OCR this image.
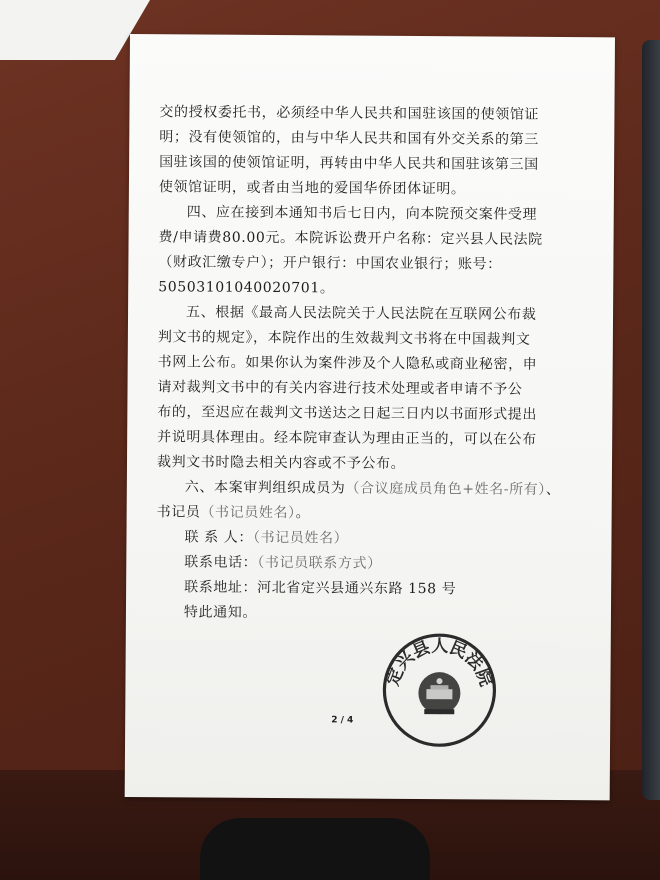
交的授权委托书，必须经中华人民共和国驻该国的使领馆证
明；没有使领馆的，由与中华人民共和国有外交关系的第三
国驻该国的使领馆证明，再转由中华人民共和国驻该第三国
使领馆证明，或者由当地的爱国华侨团体证明。

四、应在接到本通知书后七日内，向本院预交案件受理
费/申请费80.00元。本院诉讼费开户名称：定兴县人民法院
（财政汇缴专户）；开户银行：中国农业银行；账号：
50503101040020701。

五、根据《最高人民法院关于人民法院在互联网公布裁
判文书的规定》，本院作出的生效裁判文书将在中国裁判文
书网上公布。如果你认为案件涉及个人隐私或商业秘密，申
请对裁判文书中的有关内容进行技术处理或者申请不予公
布的，至迟应在裁判文书送达之日起三日内以书面形式提出
并说明具体理由。经本院审查认为理由正当的，可以在公布
裁判文书时隐去相关内容或不予公布。

六、本案审判组织成员为（合议庭成员角色+姓名-所有）、
书记员（书记员姓名）。

联 系 人：（书记员姓名）
联系电话：（书记员联系方式）
联系地址：河北省定兴县通兴东路 158 号
特此通知。

定兴县人民法院
2 / 4
